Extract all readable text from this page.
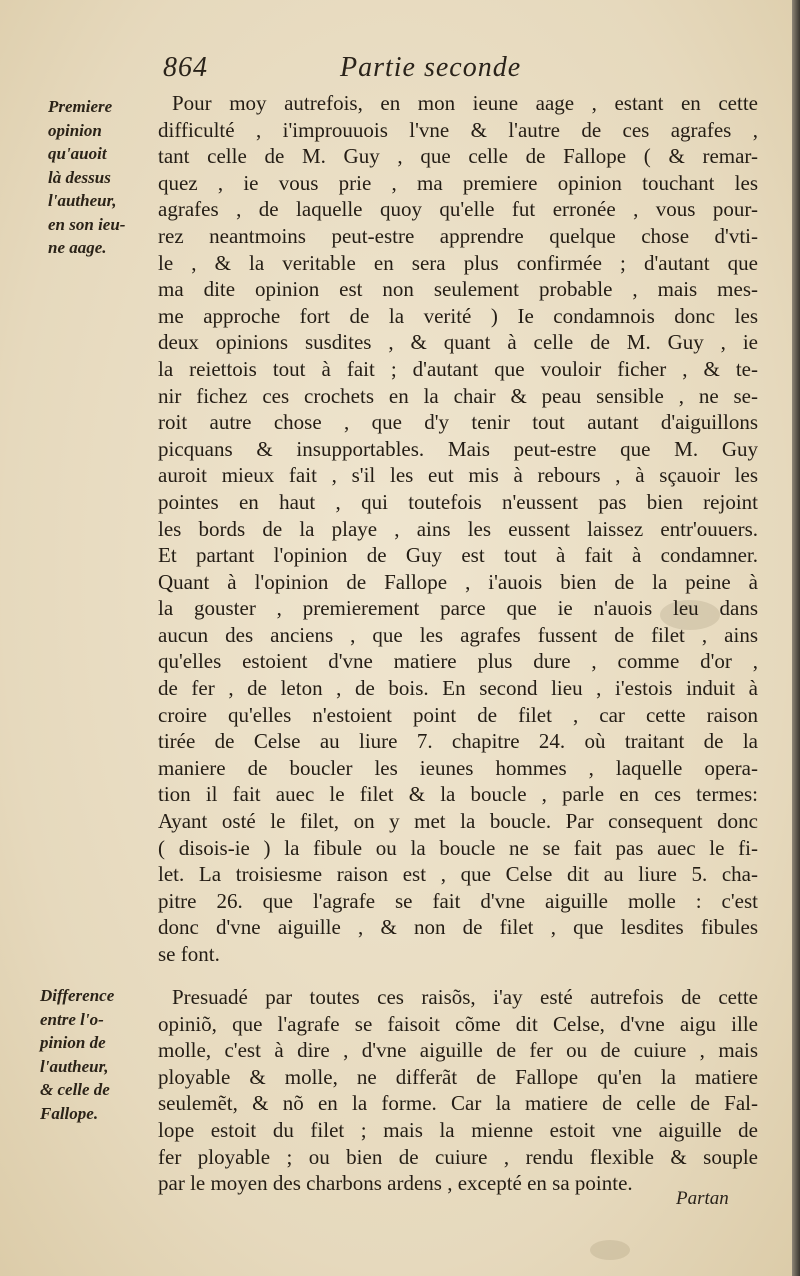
864	Partie seconde
Premiere
opinion
qu'auoit
là dessus
l'autheur,
en son ieu-
ne aage.
Difference
entre l'o-
pinion de
l'autheur,
& celle de
Fallope.
Pour moy autrefois, en mon ieune aage , estant en cette
difficulté , i'improuuois l'vne & l'autre de ces agrafes ,
tant celle de M. Guy , que celle de Fallope ( & remar-
quez , ie vous prie , ma premiere opinion touchant les
agrafes , de laquelle quoy qu'elle fut erronée , vous pour-
rez neantmoins peut-estre apprendre quelque chose d'vti-
le , & la veritable en sera plus confirmée ; d'autant que
ma dite opinion est non seulement probable , mais mes-
me approche fort de la verité ) Ie condamnois donc les
deux opinions susdites , & quant à celle de M. Guy , ie
la reiettois tout à fait ; d'autant que vouloir ficher , & te-
nir fichez ces crochets en la chair & peau sensible , ne se-
roit autre chose , que d'y tenir tout autant d'aiguillons
picquans & insupportables. Mais peut-estre que M. Guy
auroit mieux fait , s'il les eut mis à rebours , à sçauoir les
pointes en haut , qui toutefois n'eussent pas bien rejoint
les bords de la playe , ains les eussent laissez entr'ouuers.
Et partant l'opinion de Guy est tout à fait à condamner.
Quant à l'opinion de Fallope , i'auois bien de la peine à
la gouster , premierement parce que ie n'auois leu dans
aucun des anciens , que les agrafes fussent de filet , ains
qu'elles estoient d'vne matiere plus dure , comme d'or ,
de fer , de leton , de bois. En second lieu , i'estois induit à
croire qu'elles n'estoient point de filet , car cette raison
tirée de Celse au liure 7. chapitre 24. où traitant de la
maniere de boucler les ieunes hommes , laquelle opera-
tion il fait auec le filet & la boucle , parle en ces termes:
Ayant osté le filet, on y met la boucle. Par consequent donc
( disois-ie ) la fibule ou la boucle ne se fait pas auec le fi-
let. La troisiesme raison est , que Celse dit au liure 5. cha-
pitre 26. que l'agrafe se fait d'vne aiguille molle : c'est
donc d'vne aiguille , & non de filet , que lesdites fibules
se font.
Presuadé par toutes ces raisõs, i'ay esté autrefois de cette
opiniõ, que l'agrafe se faisoit cõme dit Celse, d'vne aigu ille
molle, c'est à dire , d'vne aiguille de fer ou de cuiure , mais
ployable & molle, ne differãt de Fallope qu'en la matiere
seulemẽt, & nõ en la forme. Car la matiere de celle de Fal-
lope estoit du filet ; mais la mienne estoit vne aiguille de
fer ployable ; ou bien de cuiure , rendu flexible & souple
par le moyen des charbons ardens , excepté en sa pointe.
Partan
